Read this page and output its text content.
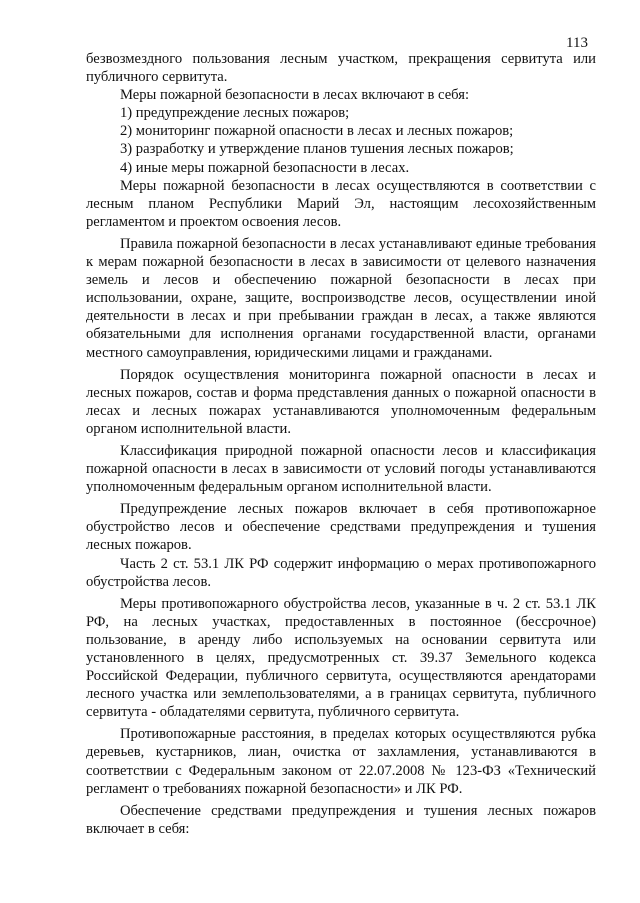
113

безвозмездного пользования лесным участком, прекращения сервитута или публичного сервитута.

Меры пожарной безопасности в лесах включают в себя:

1) предупреждение лесных пожаров;

2) мониторинг пожарной опасности в лесах и лесных пожаров;

3) разработку и утверждение планов тушения лесных пожаров;

4) иные меры пожарной безопасности в лесах.

Меры пожарной безопасности в лесах осуществляются в соответствии с лесным планом Республики Марий Эл, настоящим лесохозяйственным регламентом и проектом освоения лесов.

Правила пожарной безопасности в лесах устанавливают единые требования к мерам пожарной безопасности в лесах в зависимости от целевого назначения земель и лесов и обеспечению пожарной безопасности в лесах при использовании, охране, защите, воспроизводстве лесов, осуществлении иной деятельности в лесах и при пребывании граждан в лесах, а также являются обязательными для исполнения органами государственной власти, органами местного самоуправления, юридическими лицами и гражданами.

Порядок осуществления мониторинга пожарной опасности в лесах и лесных пожаров, состав и форма представления данных о пожарной опасности в лесах и лесных пожарах устанавливаются уполномоченным федеральным органом исполнительной власти.

Классификация природной пожарной опасности лесов и классификация пожарной опасности в лесах в зависимости от условий погоды устанавливаются уполномоченным федеральным органом исполнительной власти.

Предупреждение лесных пожаров включает в себя противопожарное обустройство лесов и обеспечение средствами предупреждения и тушения лесных пожаров.

Часть 2 ст. 53.1 ЛК РФ содержит информацию о мерах противопожарного обустройства лесов.

Меры противопожарного обустройства лесов, указанные в ч. 2 ст. 53.1 ЛК РФ, на лесных участках, предоставленных в постоянное (бессрочное) пользование, в аренду либо используемых на основании сервитута или установленного в целях, предусмотренных ст. 39.37 Земельного кодекса Российской Федерации, публичного сервитута, осуществляются арендаторами лесного участка или землепользователями, а в границах сервитута, публичного сервитута - обладателями сервитута, публичного сервитута.

Противопожарные расстояния, в пределах которых осуществляются рубка деревьев, кустарников, лиан, очистка от захламления, устанавливаются в соответствии с Федеральным законом от 22.07.2008 № 123-ФЗ «Технический регламент о требованиях пожарной безопасности» и ЛК РФ.

Обеспечение средствами предупреждения и тушения лесных пожаров включает в себя:
